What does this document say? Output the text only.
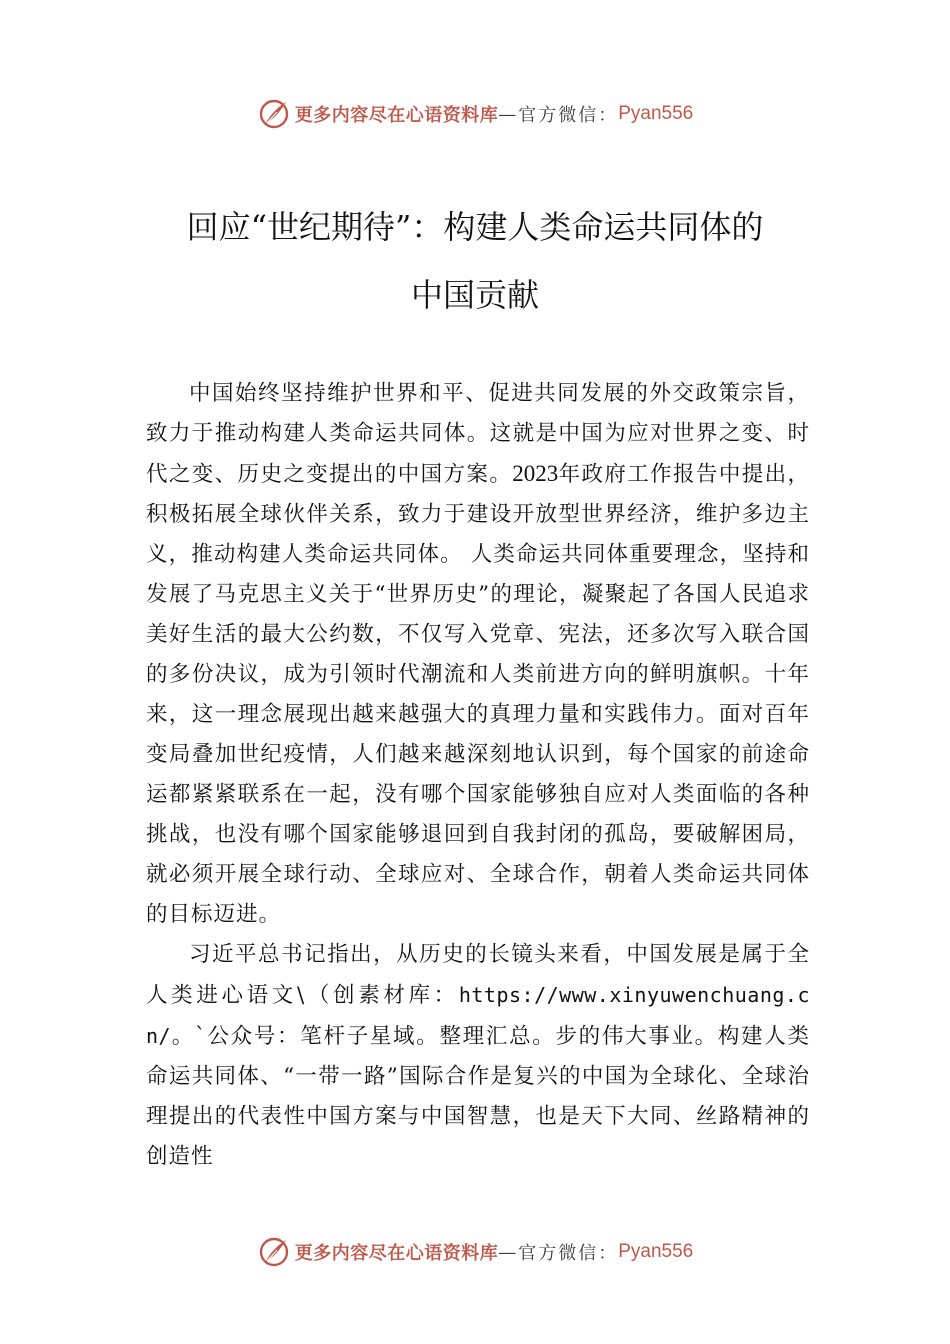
更多内容尽在心语资料库 — 官方微信： Pyan556
回应“世纪期待”：构建人类命运共同体的
中国贡献

中国始终坚持维护世界和平、促进共同发展的外交政策宗旨，致力于推动构建人类命运共同体。这就是中国为应对世界之变、时代之变、历史之变提出的中国方案。2023年政府工作报告中提出，积极拓展全球伙伴关系，致力于建设开放型世界经济，维护多边主义，推动构建人类命运共同体。 人类命运共同体重要理念，坚持和发展了马克思主义关于“世界历史”的理论，凝聚起了各国人民追求美好生活的最大公约数，不仅写入党章、宪法，还多次写入联合国的多份决议，成为引领时代潮流和人类前进方向的鲜明旗帜。十年来，这一理念展现出越来越强大的真理力量和实践伟力。面对百年变局叠加世纪疫情，人们越来越深刻地认识到，每个国家的前途命运都紧紧联系在一起，没有哪个国家能够独自应对人类面临的各种挑战，也没有哪个国家能够退回到自我封闭的孤岛，要破解困局，就必须开展全球行动、全球应对、全球合作，朝着人类命运共同体的目标迈进。

习近平总书记指出，从历史的长镜头来看，中国发展是属于全人类进心语文\（创素材库：https://www.xinyuwenchuang.cn/。`公众号：笔杆子星域。整理汇总。步的伟大事业。构建人类命运共同体、“一带一路”国际合作是复兴的中国为全球化、全球治理提出的代表性中国方案与中国智慧，也是天下大同、丝路精神的创造性

更多内容尽在心语资料库 — 官方微信： Pyan556
